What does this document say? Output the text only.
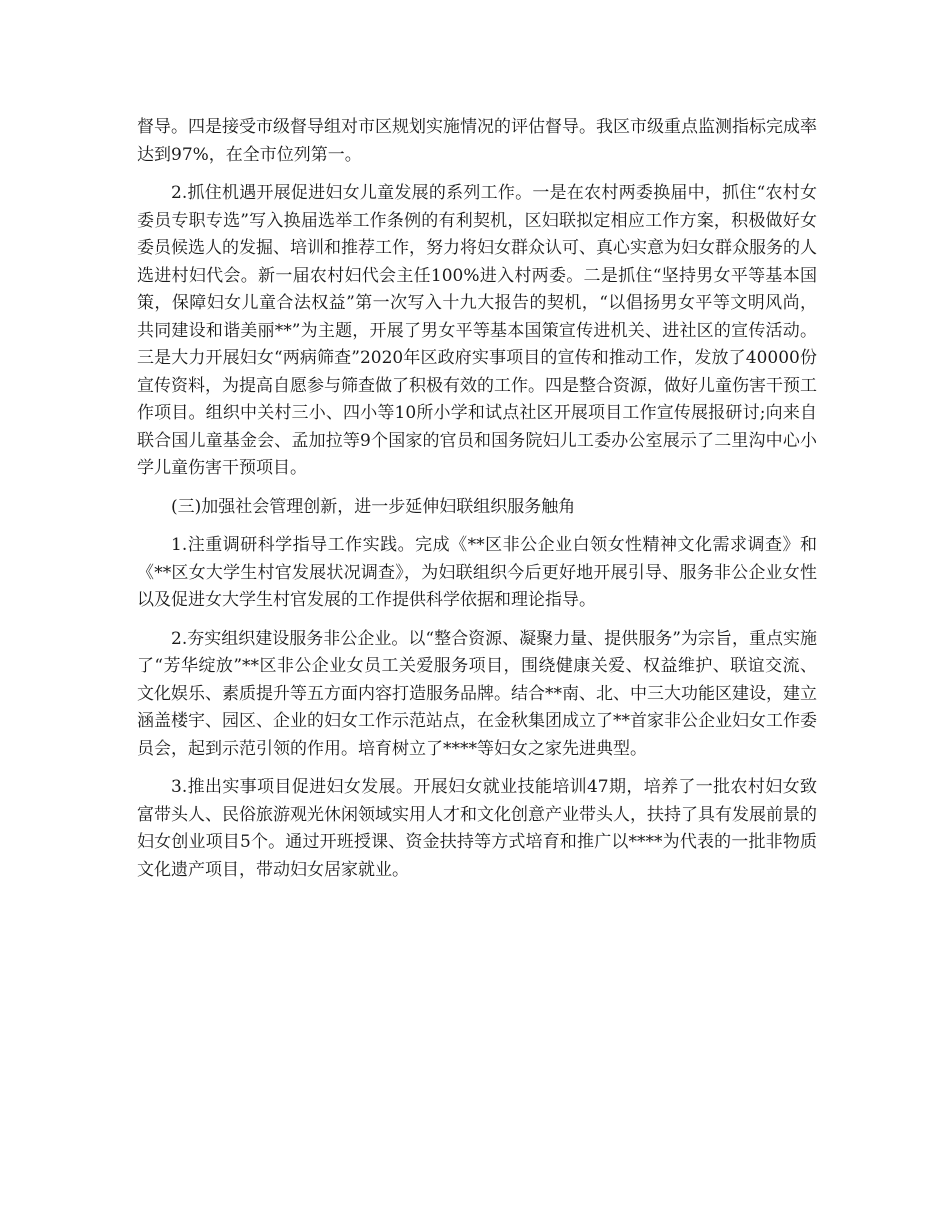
督导。四是接受市级督导组对市区规划实施情况的评估督导。我区市级重点监测指标完成率达到97%，在全市位列第一。

2.抓住机遇开展促进妇女儿童发展的系列工作。一是在农村两委换届中，抓住“农村女委员专职专选”写入换届选举工作条例的有利契机，区妇联拟定相应工作方案，积极做好女委员候选人的发掘、培训和推荐工作，努力将妇女群众认可、真心实意为妇女群众服务的人选进村妇代会。新一届农村妇代会主任100%进入村两委。二是抓住“坚持男女平等基本国策，保障妇女儿童合法权益”第一次写入十九大报告的契机，“以倡扬男女平等文明风尚，共同建设和谐美丽**”为主题，开展了男女平等基本国策宣传进机关、进社区的宣传活动。三是大力开展妇女“两病筛查”2020年区政府实事项目的宣传和推动工作，发放了40000份宣传资料，为提高自愿参与筛查做了积极有效的工作。四是整合资源，做好儿童伤害干预工作项目。组织中关村三小、四小等10所小学和试点社区开展项目工作宣传展报研讨;向来自联合国儿童基金会、孟加拉等9个国家的官员和国务院妇儿工委办公室展示了二里沟中心小学儿童伤害干预项目。

(三)加强社会管理创新，进一步延伸妇联组织服务触角

1.注重调研科学指导工作实践。完成《**区非公企业白领女性精神文化需求调查》和《**区女大学生村官发展状况调查》，为妇联组织今后更好地开展引导、服务非公企业女性以及促进女大学生村官发展的工作提供科学依据和理论指导。

2.夯实组织建设服务非公企业。以“整合资源、凝聚力量、提供服务”为宗旨，重点实施了“芳华绽放”**区非公企业女员工关爱服务项目，围绕健康关爱、权益维护、联谊交流、文化娱乐、素质提升等五方面内容打造服务品牌。结合**南、北、中三大功能区建设，建立涵盖楼宇、园区、企业的妇女工作示范站点，在金秋集团成立了**首家非公企业妇女工作委员会，起到示范引领的作用。培育树立了****等妇女之家先进典型。

3.推出实事项目促进妇女发展。开展妇女就业技能培训47期，培养了一批农村妇女致富带头人、民俗旅游观光休闲领域实用人才和文化创意产业带头人，扶持了具有发展前景的妇女创业项目5个。通过开班授课、资金扶持等方式培育和推广以****为代表的一批非物质文化遗产项目，带动妇女居家就业。
